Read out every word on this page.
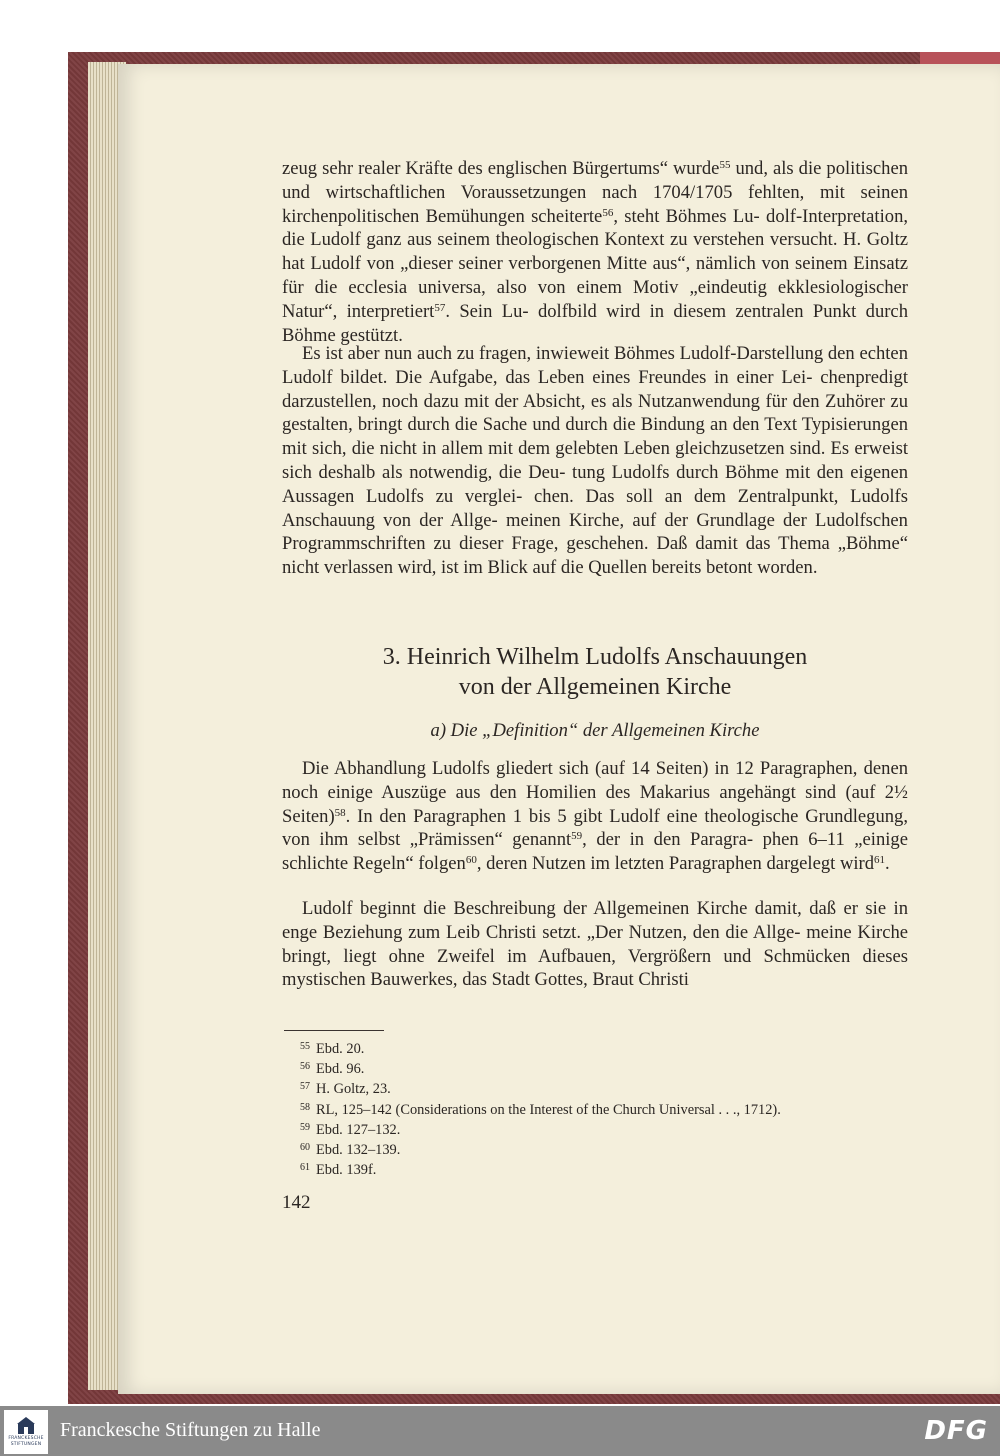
zeug sehr realer Kräfte des englischen Bürgertums“ wurde$^{55}$ und, als die politischen und wirtschaftlichen Voraussetzungen nach 1704/1705 fehlten, mit seinen kirchenpolitischen Bemühungen scheiterte$^{56}$, steht Böhmes Lu- dolf-Interpretation, die Ludolf ganz aus seinem theologischen Kontext zu verstehen versucht. H. Goltz hat Ludolf von „dieser seiner verborgenen Mitte aus“, nämlich von seinem Einsatz für die ecclesia universa, also von einem Motiv „eindeutig ekklesiologischer Natur“, interpretiert$^{57}$. Sein Lu- dolfbild wird in diesem zentralen Punkt durch Böhme gestützt.

Es ist aber nun auch zu fragen, inwieweit Böhmes Ludolf-Darstellung den echten Ludolf bildet. Die Aufgabe, das Leben eines Freundes in einer Lei- chenpredigt darzustellen, noch dazu mit der Absicht, es als Nutzanwendung für den Zuhörer zu gestalten, bringt durch die Sache und durch die Bindung an den Text Typisierungen mit sich, die nicht in allem mit dem gelebten Leben gleichzusetzen sind. Es erweist sich deshalb als notwendig, die Deu- tung Ludolfs durch Böhme mit den eigenen Aussagen Ludolfs zu verglei- chen. Das soll an dem Zentralpunkt, Ludolfs Anschauung von der Allge- meinen Kirche, auf der Grundlage der Ludolfschen Programmschriften zu dieser Frage, geschehen. Daß damit das Thema „Böhme“ nicht verlassen wird, ist im Blick auf die Quellen bereits betont worden.

3. Heinrich Wilhelm Ludolfs Anschauungen
von der Allgemeinen Kirche
a) Die „Definition“ der Allgemeinen Kirche

Die Abhandlung Ludolfs gliedert sich (auf 14 Seiten) in 12 Paragraphen, denen noch einige Auszüge aus den Homilien des Makarius angehängt sind (auf 2½ Seiten)$^{58}$. In den Paragraphen 1 bis 5 gibt Ludolf eine theologische Grundlegung, von ihm selbst „Prämissen“ genannt$^{59}$, der in den Paragra- phen 6–11 „einige schlichte Regeln“ folgen$^{60}$, deren Nutzen im letzten Paragraphen dargelegt wird$^{61}$.

Ludolf beginnt die Beschreibung der Allgemeinen Kirche damit, daß er sie in enge Beziehung zum Leib Christi setzt. „Der Nutzen, den die Allge- meine Kirche bringt, liegt ohne Zweifel im Aufbauen, Vergrößern und Schmücken dieses mystischen Bauwerkes, das Stadt Gottes, Braut Christi

$^{55}$ Ebd. 20.
$^{56}$ Ebd. 96.
$^{57}$ H. Goltz, 23.
$^{58}$ RL, 125–142 (Considerations on the Interest of the Church Universal . . ., 1712).
$^{59}$ Ebd. 127–132.
$^{60}$ Ebd. 132–139.
$^{61}$ Ebd. 139f.
142
FRANCKESCHE
STIFTUNGEN
Franckesche Stiftungen zu Halle	DFG
